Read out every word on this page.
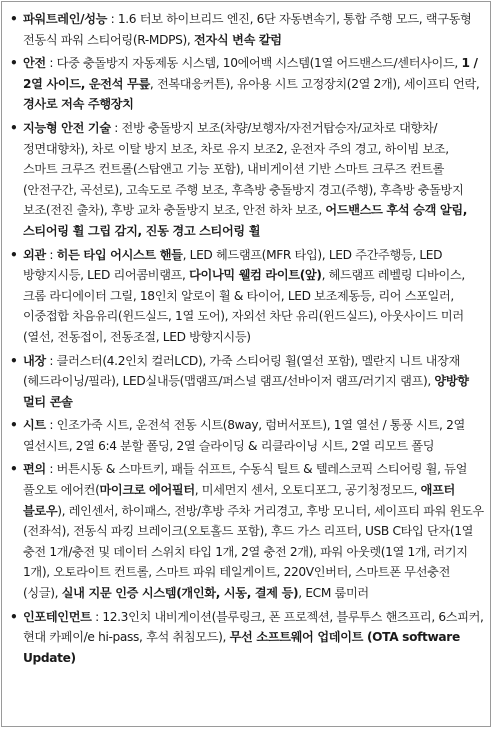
• 파워트레인/성능 : 1.6 터보 하이브리드 엔진, 6단 자동변속기, 통합 주행 모드, 랙구동형 전동식 파워 스티어링(R-MDPS), 전자식 변속 칼럼
• 안전 : 다중 충돌방지 자동제동 시스템, 10에어백 시스템(1열 어드밴스드/센터사이드, 1 / 2열 사이드, 운전석 무릎, 전복대응커튼), 유아용 시트 고정장치(2열 2개), 세이프티 언락, 경사로 저속 주행장치
• 지능형 안전 기술 : 전방 충돌방지 보조(차량/보행자/자전거탑승자/교차로 대향차/정면대향차), 차로 이탈 방지 보조, 차로 유지 보조2, 운전자 주의 경고, 하이빔 보조, 스마트 크루즈 컨트롤(스탑앤고 기능 포함), 내비게이션 기반 스마트 크루즈 컨트롤(안전구간, 곡선로), 고속도로 주행 보조, 후측방 충돌방지 경고(주행), 후측방 충돌방지 보조(전진 출차), 후방 교차 충돌방지 보조, 안전 하차 보조, 어드밴스드 후석 승객 알림, 스티어링 휠 그립 감지, 진동 경고 스티어링 휠
• 외관 : 히든 타입 어시스트 핸들, LED 헤드램프(MFR 타입), LED 주간주행등, LED 방향지시등, LED 리어콤비램프, 다이나믹 웰컴 라이트(앞), 헤드램프 레벨링 디바이스, 크롬 라디에이터 그릴, 18인치 알로이 휠 & 타이어, LED 보조제동등, 리어 스포일러, 이중접합 차음유리(윈드실드, 1열 도어), 자외선 차단 유리(윈드실드), 아웃사이드 미러(열선, 전동접이, 전동조절, LED 방향지시등)
• 내장 : 클러스터(4.2인치 컬러LCD), 가죽 스티어링 휠(열선 포함), 멜란지 니트 내장재(헤드라이닝/필라), LED실내등(맵램프/퍼스널 램프/선바이저 램프/러기지 램프), 양방향 멀티 콘솔
• 시트 : 인조가죽 시트, 운전석 전동 시트(8way, 럼버서포트), 1열 열선 / 통풍 시트, 2열 열선시트, 2열 6:4 분할 폴딩, 2열 슬라이딩 & 리클라이닝 시트, 2열 리모트 폴딩
• 편의 : 버튼시동 & 스마트키, 패들 쉬프트, 수동식 틸트 & 텔레스코픽 스티어링 휠, 듀얼 풀오토 에어컨(마이크로 에어필터, 미세먼지 센서, 오토디포그, 공기청정모드, 애프터 블로우), 레인센서, 하이패스, 전방/후방 주차 거리경고, 후방 모니터, 세이프티 파워 윈도우(전좌석), 전동식 파킹 브레이크(오토홀드 포함), 후드 가스 리프터, USB C타입 단자(1열 충전 1개/충전 및 데이터 스위치 타입 1개, 2열 충전 2개), 파워 아웃렛(1열 1개, 러기지 1개), 오토라이트 컨트롤, 스마트 파워 테일게이트, 220V인버터, 스마트폰 무선충전(싱글), 실내 지문 인증 시스템(개인화, 시동, 결제 등), ECM 룸미러
• 인포테인먼트 : 12.3인치 내비게이션(블루링크, 폰 프로젝션, 블루투스 핸즈프리, 6스피커, 현대 카페이/e hi-pass, 후석 취침모드), 무선 소프트웨어 업데이트 (OTA software Update)
